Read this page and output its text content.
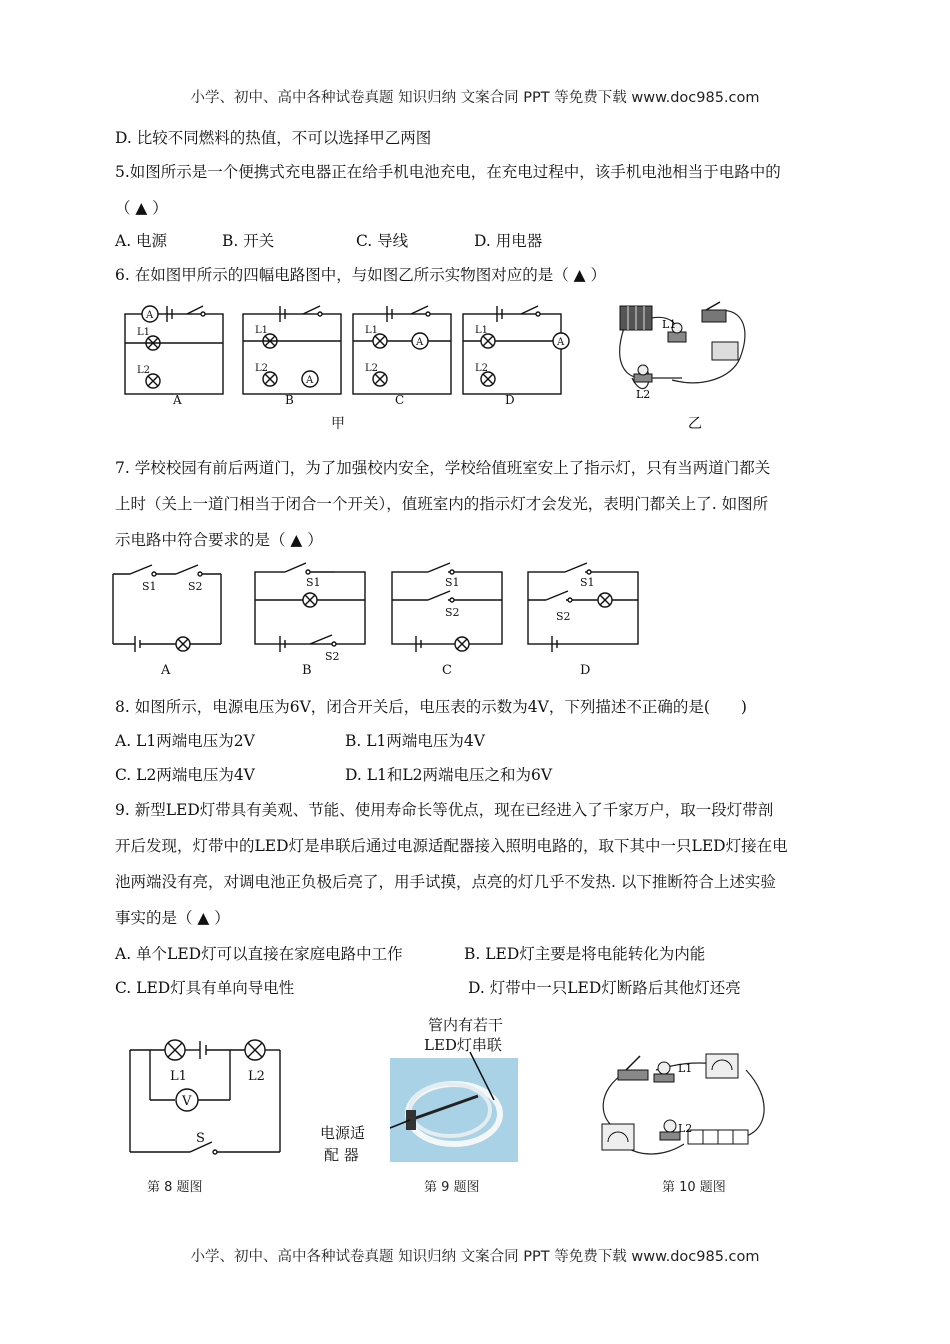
小学、初中、高中各种试卷真题 知识归纳 文案合同 PPT 等免费下载 www.doc985.com
D. 比较不同燃料的热值，不可以选择甲乙两图
5.如图所示是一个便携式充电器正在给手机电池充电，在充电过程中，该手机电池相当于电路中的
（ ▲ ）
A. 电源	B. 开关	C. 导线	D. 用电器
6. 在如图甲所示的四幅电路图中，与如图乙所示实物图对应的是（ ▲ ）
A
L1
L2
L1
L2
A
L1
L2
A
L1
L2
A
A	B	C	D
甲
L1
L2
乙
7. 学校校园有前后两道门，为了加强校内安全，学校给值班室安上了指示灯，只有当两道门都关
上时（关上一道门相当于闭合一个开关），值班室内的指示灯才会发光，表明门都关上了. 如图所
示电路中符合要求的是（ ▲ ）
S1	S2	S1
S2
S1
S2
S1
S2
A	B	C	D
8. 如图所示，电源电压为6V，闭合开关后，电压表的示数为4V，下列描述不正确的是(　　)
A. L1两端电压为2V	B. L1两端电压为4V
C. L2两端电压为4V	D. L1和L2两端电压之和为6V
9. 新型LED灯带具有美观、节能、使用寿命长等优点，现在已经进入了千家万户，取一段灯带剖
开后发现，灯带中的LED灯是串联后通过电源适配器接入照明电路的，取下其中一只LED灯接在电
池两端没有亮，对调电池正负极后亮了，用手试摸，点亮的灯几乎不发热. 以下推断符合上述实验
事实的是（ ▲ ）
A. 单个LED灯可以直接在家庭电路中工作	B. LED灯主要是将电能转化为内能
C. LED灯具有单向导电性	D. 灯带中一只LED灯断路后其他灯还亮
L1	L2
V
S
第 8 题图
管内有若干
LED灯串联
电源适
配 器
第 9 题图
L1
L2
第 10 题图
小学、初中、高中各种试卷真题 知识归纳 文案合同 PPT 等免费下载 www.doc985.com
